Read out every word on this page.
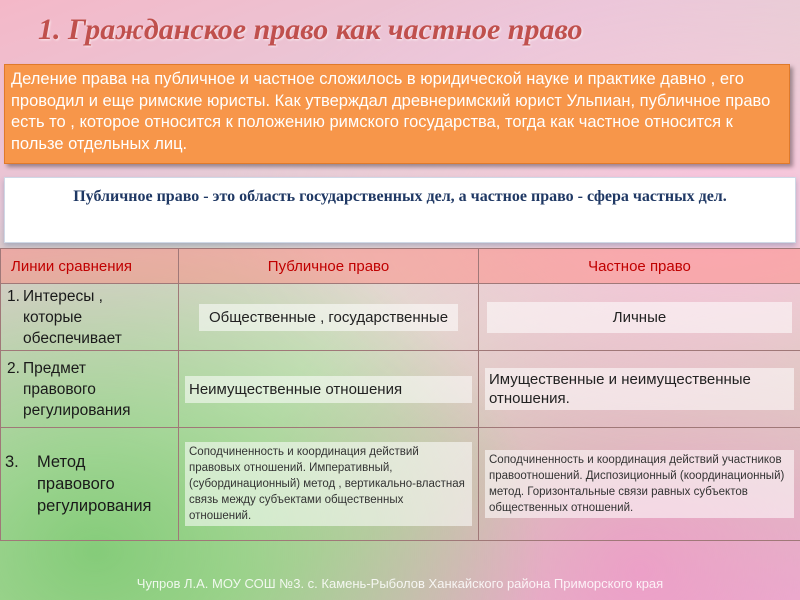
1. Гражданское право как частное право
Деление права на публичное и частное сложилось в юридической науке и практике давно , его проводил и еще римские юристы. Как утверждал древнеримский юрист Ульпиан, публичное право есть то , которое относится к положению римского государства, тогда как частное относится к пользе отдельных лиц.
Публичное право - это область государственных дел, а частное право - сфера частных дел.
Линии сравнения	Публичное право	Частное право

1. Интересы , которые обеспечивает	Общественные , государственные	Личные

2. Предмет правового регулирования	Неимущественные отношения	Имущественные и неимущественные отношения.

3. Метод правового регулирования	Соподчиненность и координация действий правовых отношений. Императивный, (субординационный) метод , вертикально-властная связь между субъектами общественных отношений.	Соподчиненность и координация действий участников правоотношений. Диспозиционный (координационный) метод. Горизонтальные связи равных субъектов общественных отношений.
Чупров Л.А. МОУ СОШ №3. с. Камень-Рыболов Ханкайского района Приморского края
